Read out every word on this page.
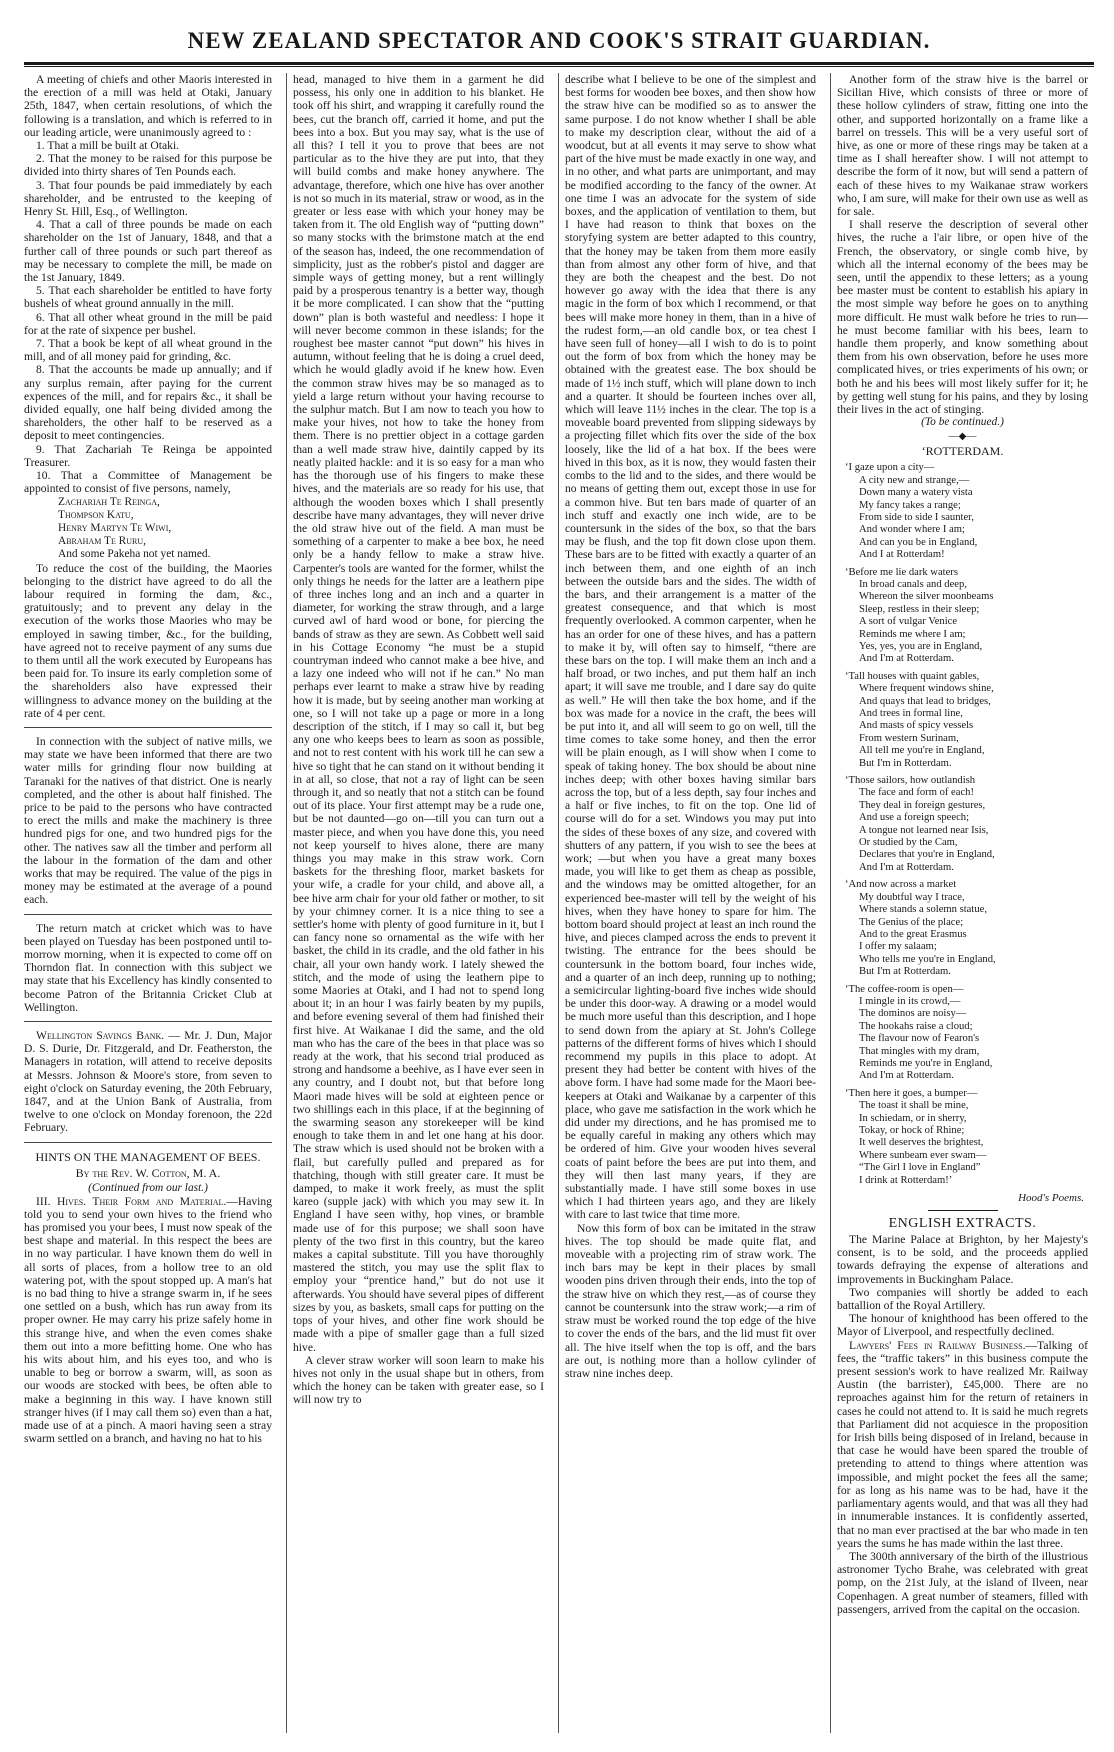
NEW ZEALAND SPECTATOR AND COOK'S STRAIT GUARDIAN.

A meeting of chiefs and other Maoris interested in the erection of a mill was held at Otaki, January 25th, 1847, when certain resolutions, of which the following is a translation, and which is referred to in our leading article, were unanimously agreed to :

1. That a mill be built at Otaki.
2. That the money to be raised for this purpose be divided into thirty shares of Ten Pounds each.
3. That four pounds be paid immediately by each shareholder, and be entrusted to the keeping of Henry St. Hill, Esq., of Wellington.
4. That a call of three pounds be made on each shareholder on the 1st of January, 1848, and that a further call of three pounds or such part thereof as may be necessary to complete the mill, be made on the 1st January, 1849.
5. That each shareholder be entitled to have forty bushels of wheat ground annually in the mill.
6. That all other wheat ground in the mill be paid for at the rate of sixpence per bushel.
7. That a book be kept of all wheat ground in the mill, and of all money paid for grinding, &c.
8. That the accounts be made up annually; and if any surplus remain, after paying for the current expences of the mill, and for repairs &c., it shall be divided equally, one half being divided among the shareholders, the other half to be reserved as a deposit to meet contingencies.
9. That Zachariah Te Reinga be appointed Treasurer.
10. That a Committee of Management be appointed to consist of five persons, namely,
Zachariah Te Reinga,
Thompson Katu,
Henry Martyn Te Wiwi,
Abraham Te Ruru,
And some Pakeha not yet named.

To reduce the cost of the building, the Maories belonging to the district have agreed to do all the labour required in forming the dam, &c., gratuitously; and to prevent any delay in the execution of the works those Maories who may be employed in sawing timber, &c., for the building, have agreed not to receive payment of any sums due to them until all the work executed by Europeans has been paid for. To insure its early completion some of the shareholders also have expressed their willingness to advance money on the building at the rate of 4 per cent.

In connection with the subject of native mills, we may state we have been informed that there are two water mills for grinding flour now building at Taranaki for the natives of that district. One is nearly completed, and the other is about half finished. The price to be paid to the persons who have contracted to erect the mills and make the machinery is three hundred pigs for one, and two hundred pigs for the other. The natives saw all the timber and perform all the labour in the formation of the dam and other works that may be required. The value of the pigs in money may be estimated at the average of a pound each.

The return match at cricket which was to have been played on Tuesday has been postponed until to-morrow morning, when it is expected to come off on Thorndon flat. In connection with this subject we may state that his Excellency has kindly consented to become Patron of the Britannia Cricket Club at Wellington.

Wellington Savings Bank. — Mr. J. Dun, Major D. S. Durie, Dr. Fitzgerald, and Dr. Featherston, the Managers in rotation, will attend to receive deposits at Messrs. Johnson & Moore's store, from seven to eight o'clock on Saturday evening, the 20th February, 1847, and at the Union Bank of Australia, from twelve to one o'clock on Monday forenoon, the 22d February.

HINTS ON THE MANAGEMENT OF BEES.
By the Rev. W. Cotton, M. A.
(Continued from our last.)

III. Hives. Their Form and Material.—Having told you to send your own hives to the friend who has promised you your bees, I must now speak of the best shape and material. In this respect the bees are in no way particular. I have known them do well in all sorts of places, from a hollow tree to an old watering pot, with the spout stopped up. A man's hat is no bad thing to hive a strange swarm in, if he sees one settled on a bush, which has run away from its proper owner. He may carry his prize safely home in this strange hive, and when the even comes shake them out into a more befitting home. One who has his wits about him, and his eyes too, and who is unable to beg or borrow a swarm, will, as soon as our woods are stocked with bees, be often able to make a beginning in this way. I have known still stranger hives (if I may call them so) even than a hat, made use of at a pinch. A maori having seen a stray swarm settled on a branch, and having no hat to his

head, managed to hive them in a garment he did possess, his only one in addition to his blanket. He took off his shirt, and wrapping it carefully round the bees, cut the branch off, carried it home, and put the bees into a box. But you may say, what is the use of all this? I tell it you to prove that bees are not particular as to the hive they are put into, that they will build combs and make honey anywhere. The advantage, therefore, which one hive has over another is not so much in its material, straw or wood, as in the greater or less ease with which your honey may be taken from it. The old English way of “putting down” so many stocks with the brimstone match at the end of the season has, indeed, the one recommendation of simplicity, just as the robber's pistol and dagger are simple ways of getting money, but a rent willingly paid by a prosperous tenantry is a better way, though it be more complicated. I can show that the “putting down” plan is both wasteful and needless: I hope it will never become common in these islands; for the roughest bee master cannot “put down” his hives in autumn, without feeling that he is doing a cruel deed, which he would gladly avoid if he knew how. Even the common straw hives may be so managed as to yield a large return without your having recourse to the sulphur match. But I am now to teach you how to make your hives, not how to take the honey from them. There is no prettier object in a cottage garden than a well made straw hive, daintily capped by its neatly plaited hackle: and it is so easy for a man who has the thorough use of his fingers to make these hives, and the materials are so ready for his use, that although the wooden boxes which I shall presently describe have many advantages, they will never drive the old straw hive out of the field. A man must be something of a carpenter to make a bee box, he need only be a handy fellow to make a straw hive. Carpenter's tools are wanted for the former, whilst the only things he needs for the latter are a leathern pipe of three inches long and an inch and a quarter in diameter, for working the straw through, and a large curved awl of hard wood or bone, for piercing the bands of straw as they are sewn. As Cobbett well said in his Cottage Economy “he must be a stupid countryman indeed who cannot make a bee hive, and a lazy one indeed who will not if he can.” No man perhaps ever learnt to make a straw hive by reading how it is made, but by seeing another man working at one, so I will not take up a page or more in a long description of the stitch, if I may so call it, but beg any one who keeps bees to learn as soon as possible, and not to rest content with his work till he can sew a hive so tight that he can stand on it without bending it in at all, so close, that not a ray of light can be seen through it, and so neatly that not a stitch can be found out of its place. Your first attempt may be a rude one, but be not daunted—go on—till you can turn out a master piece, and when you have done this, you need not keep yourself to hives alone, there are many things you may make in this straw work. Corn baskets for the threshing floor, market baskets for your wife, a cradle for your child, and above all, a bee hive arm chair for your old father or mother, to sit by your chimney corner. It is a nice thing to see a settler's home with plenty of good furniture in it, but I can fancy none so ornamental as the wife with her basket, the child in its cradle, and the old father in his chair, all your own handy work. I lately shewed the stitch, and the mode of using the leathern pipe to some Maories at Otaki, and I had not to spend long about it; in an hour I was fairly beaten by my pupils, and before evening several of them had finished their first hive. At Waikanae I did the same, and the old man who has the care of the bees in that place was so ready at the work, that his second trial produced as strong and handsome a beehive, as I have ever seen in any country, and I doubt not, but that before long Maori made hives will be sold at eighteen pence or two shillings each in this place, if at the beginning of the swarming season any storekeeper will be kind enough to take them in and let one hang at his door. The straw which is used should not be broken with a flail, but carefully pulled and prepared as for thatching, though with still greater care. It must be damped, to make it work freely, as must the split kareo (supple jack) with which you may sew it. In England I have seen withy, hop vines, or bramble made use of for this purpose; we shall soon have plenty of the two first in this country, but the kareo makes a capital substitute. Till you have thoroughly mastered the stitch, you may use the split flax to employ your “prentice hand,” but do not use it afterwards. You should have several pipes of different sizes by you, as baskets, small caps for putting on the tops of your hives, and other fine work should be made with a pipe of smaller gage than a full sized hive.

A clever straw worker will soon learn to make his hives not only in the usual shape but in others, from which the honey can be taken with greater ease, so I will now try to

describe what I believe to be one of the simplest and best forms for wooden bee boxes, and then show how the straw hive can be modified so as to answer the same purpose. I do not know whether I shall be able to make my description clear, without the aid of a woodcut, but at all events it may serve to show what part of the hive must be made exactly in one way, and in no other, and what parts are unimportant, and may be modified according to the fancy of the owner. At one time I was an advocate for the system of side boxes, and the application of ventilation to them, but I have had reason to think that boxes on the storyfying system are better adapted to this country, that the honey may be taken from them more easily than from almost any other form of hive, and that they are both the cheapest and the best. Do not however go away with the idea that there is any magic in the form of box which I recommend, or that bees will make more honey in them, than in a hive of the rudest form,—an old candle box, or tea chest I have seen full of honey—all I wish to do is to point out the form of box from which the honey may be obtained with the greatest ease. The box should be made of 1½ inch stuff, which will plane down to inch and a quarter. It should be fourteen inches over all, which will leave 11½ inches in the clear. The top is a moveable board prevented from slipping sideways by a projecting fillet which fits over the side of the box loosely, like the lid of a hat box. If the bees were hived in this box, as it is now, they would fasten their combs to the lid and to the sides, and there would be no means of getting them out, except those in use for a common hive. But ten bars made of quarter of an inch stuff and exactly one inch wide, are to be countersunk in the sides of the box, so that the bars may be flush, and the top fit down close upon them. These bars are to be fitted with exactly a quarter of an inch between them, and one eighth of an inch between the outside bars and the sides. The width of the bars, and their arrangement is a matter of the greatest consequence, and that which is most frequently overlooked. A common carpenter, when he has an order for one of these hives, and has a pattern to make it by, will often say to himself, “there are these bars on the top. I will make them an inch and a half broad, or two inches, and put them half an inch apart; it will save me trouble, and I dare say do quite as well.” He will then take the box home, and if the box was made for a novice in the craft, the bees will be put into it, and all will seem to go on well, till the time comes to take some honey, and then the error will be plain enough, as I will show when I come to speak of taking honey. The box should be about nine inches deep; with other boxes having similar bars across the top, but of a less depth, say four inches and a half or five inches, to fit on the top. One lid of course will do for a set. Windows you may put into the sides of these boxes of any size, and covered with shutters of any pattern, if you wish to see the bees at work; —but when you have a great many boxes made, you will like to get them as cheap as possible, and the windows may be omitted altogether, for an experienced bee-master will tell by the weight of his hives, when they have honey to spare for him. The bottom board should project at least an inch round the hive, and pieces clamped across the ends to prevent it twisting. The entrance for the bees should be countersunk in the bottom board, four inches wide, and a quarter of an inch deep, running up to nothing; a semicircular lighting-board five inches wide should be under this door-way. A drawing or a model would be much more useful than this description, and I hope to send down from the apiary at St. John's College patterns of the different forms of hives which I should recommend my pupils in this place to adopt. At present they had better be content with hives of the above form. I have had some made for the Maori bee-keepers at Otaki and Waikanae by a carpenter of this place, who gave me satisfaction in the work which he did under my directions, and he has promised me to be equally careful in making any others which may be ordered of him. Give your wooden hives several coats of paint before the bees are put into them, and they will then last many years, if they are substantially made. I have still some boxes in use which I had thirteen years ago, and they are likely with care to last twice that time more.

Now this form of box can be imitated in the straw hives. The top should be made quite flat, and moveable with a projecting rim of straw work. The inch bars may be kept in their places by small wooden pins driven through their ends, into the top of the straw hive on which they rest,—as of course they cannot be countersunk into the straw work;—a rim of straw must be worked round the top edge of the hive to cover the ends of the bars, and the lid must fit over all. The hive itself when the top is off, and the bars are out, is nothing more than a hollow cylinder of straw nine inches deep.

Another form of the straw hive is the barrel or Sicilian Hive, which consists of three or more of these hollow cylinders of straw, fitting one into the other, and supported horizontally on a frame like a barrel on tressels. This will be a very useful sort of hive, as one or more of these rings may be taken at a time as I shall hereafter show. I will not attempt to describe the form of it now, but will send a pattern of each of these hives to my Waikanae straw workers who, I am sure, will make for their own use as well as for sale.

I shall reserve the description of several other hives, the ruche a l'air libre, or open hive of the French, the observatory, or single comb hive, by which all the internal economy of the bees may be seen, until the appendix to these letters; as a young bee master must be content to establish his apiary in the most simple way before he goes on to anything more difficult. He must walk before he tries to run—he must become familiar with his bees, learn to handle them properly, and know something about them from his own observation, before he uses more complicated hives, or tries experiments of his own; or both he and his bees will most likely suffer for it; he by getting well stung for his pains, and they by losing their lives in the act of stinging.

(To be continued.)
—◆—
‘ROTTERDAM.
‘I gaze upon a city—
A city new and strange,—
Down many a watery vista
My fancy takes a range;
From side to side I saunter,
And wonder where I am;
And can you be in England,
And I at Rotterdam!
‘Before me lie dark waters
In broad canals and deep,
Whereon the silver moonbeams
Sleep, restless in their sleep;
A sort of vulgar Venice
Reminds me where I am;
Yes, yes, you are in England,
And I'm at Rotterdam.
‘Tall houses with quaint gables,
Where frequent windows shine,
And quays that lead to bridges,
And trees in formal line,
And masts of spicy vessels
From western Surinam,
All tell me you're in England,
But I'm in Rotterdam.
‘Those sailors, how outlandish
The face and form of each!
They deal in foreign gestures,
And use a foreign speech;
A tongue not learned near Isis,
Or studied by the Cam,
Declares that you're in England,
And I'm at Rotterdam.
‘And now across a market
My doubtful way I trace,
Where stands a solemn statue,
The Genius of the place;
And to the great Erasmus
I offer my salaam;
Who tells me you're in England,
But I'm at Rotterdam.
‘The coffee-room is open—
I mingle in its crowd,—
The dominos are noisy—
The hookahs raise a cloud;
The flavour now of Fearon's
That mingles with my dram,
Reminds me you're in England,
And I'm at Rotterdam.
‘Then here it goes, a bumper—
The toast it shall be mine,
In schiedam, or in sherry,
Tokay, or hock of Rhine;
It well deserves the brightest,
Where sunbeam ever swam—
“The Girl I love in England”
I drink at Rotterdam!’
Hood's Poems.
ENGLISH EXTRACTS.

The Marine Palace at Brighton, by her Majesty's consent, is to be sold, and the proceeds applied towards defraying the expense of alterations and improvements in Buckingham Palace.

Two companies will shortly be added to each battallion of the Royal Artillery.

The honour of knighthood has been offered to the Mayor of Liverpool, and respectfully declined.

Lawyers' Fees in Railway Business.—Talking of fees, the “traffic takers” in this business compute the present session's work to have realized Mr. Railway Austin (the barrister), £45,000. There are no reproaches against him for the return of retainers in cases he could not attend to. It is said he much regrets that Parliament did not acquiesce in the proposition for Irish bills being disposed of in Ireland, because in that case he would have been spared the trouble of pretending to attend to things where attention was impossible, and might pocket the fees all the same; for as long as his name was to be had, have it the parliamentary agents would, and that was all they had in innumerable instances. It is confidently asserted, that no man ever practised at the bar who made in ten years the sums he has made within the last three.

The 300th anniversary of the birth of the illustrious astronomer Tycho Brahe, was celebrated with great pomp, on the 21st July, at the island of Ilveen, near Copenhagen. A great number of steamers, filled with passengers, arrived from the capital on the occasion.
